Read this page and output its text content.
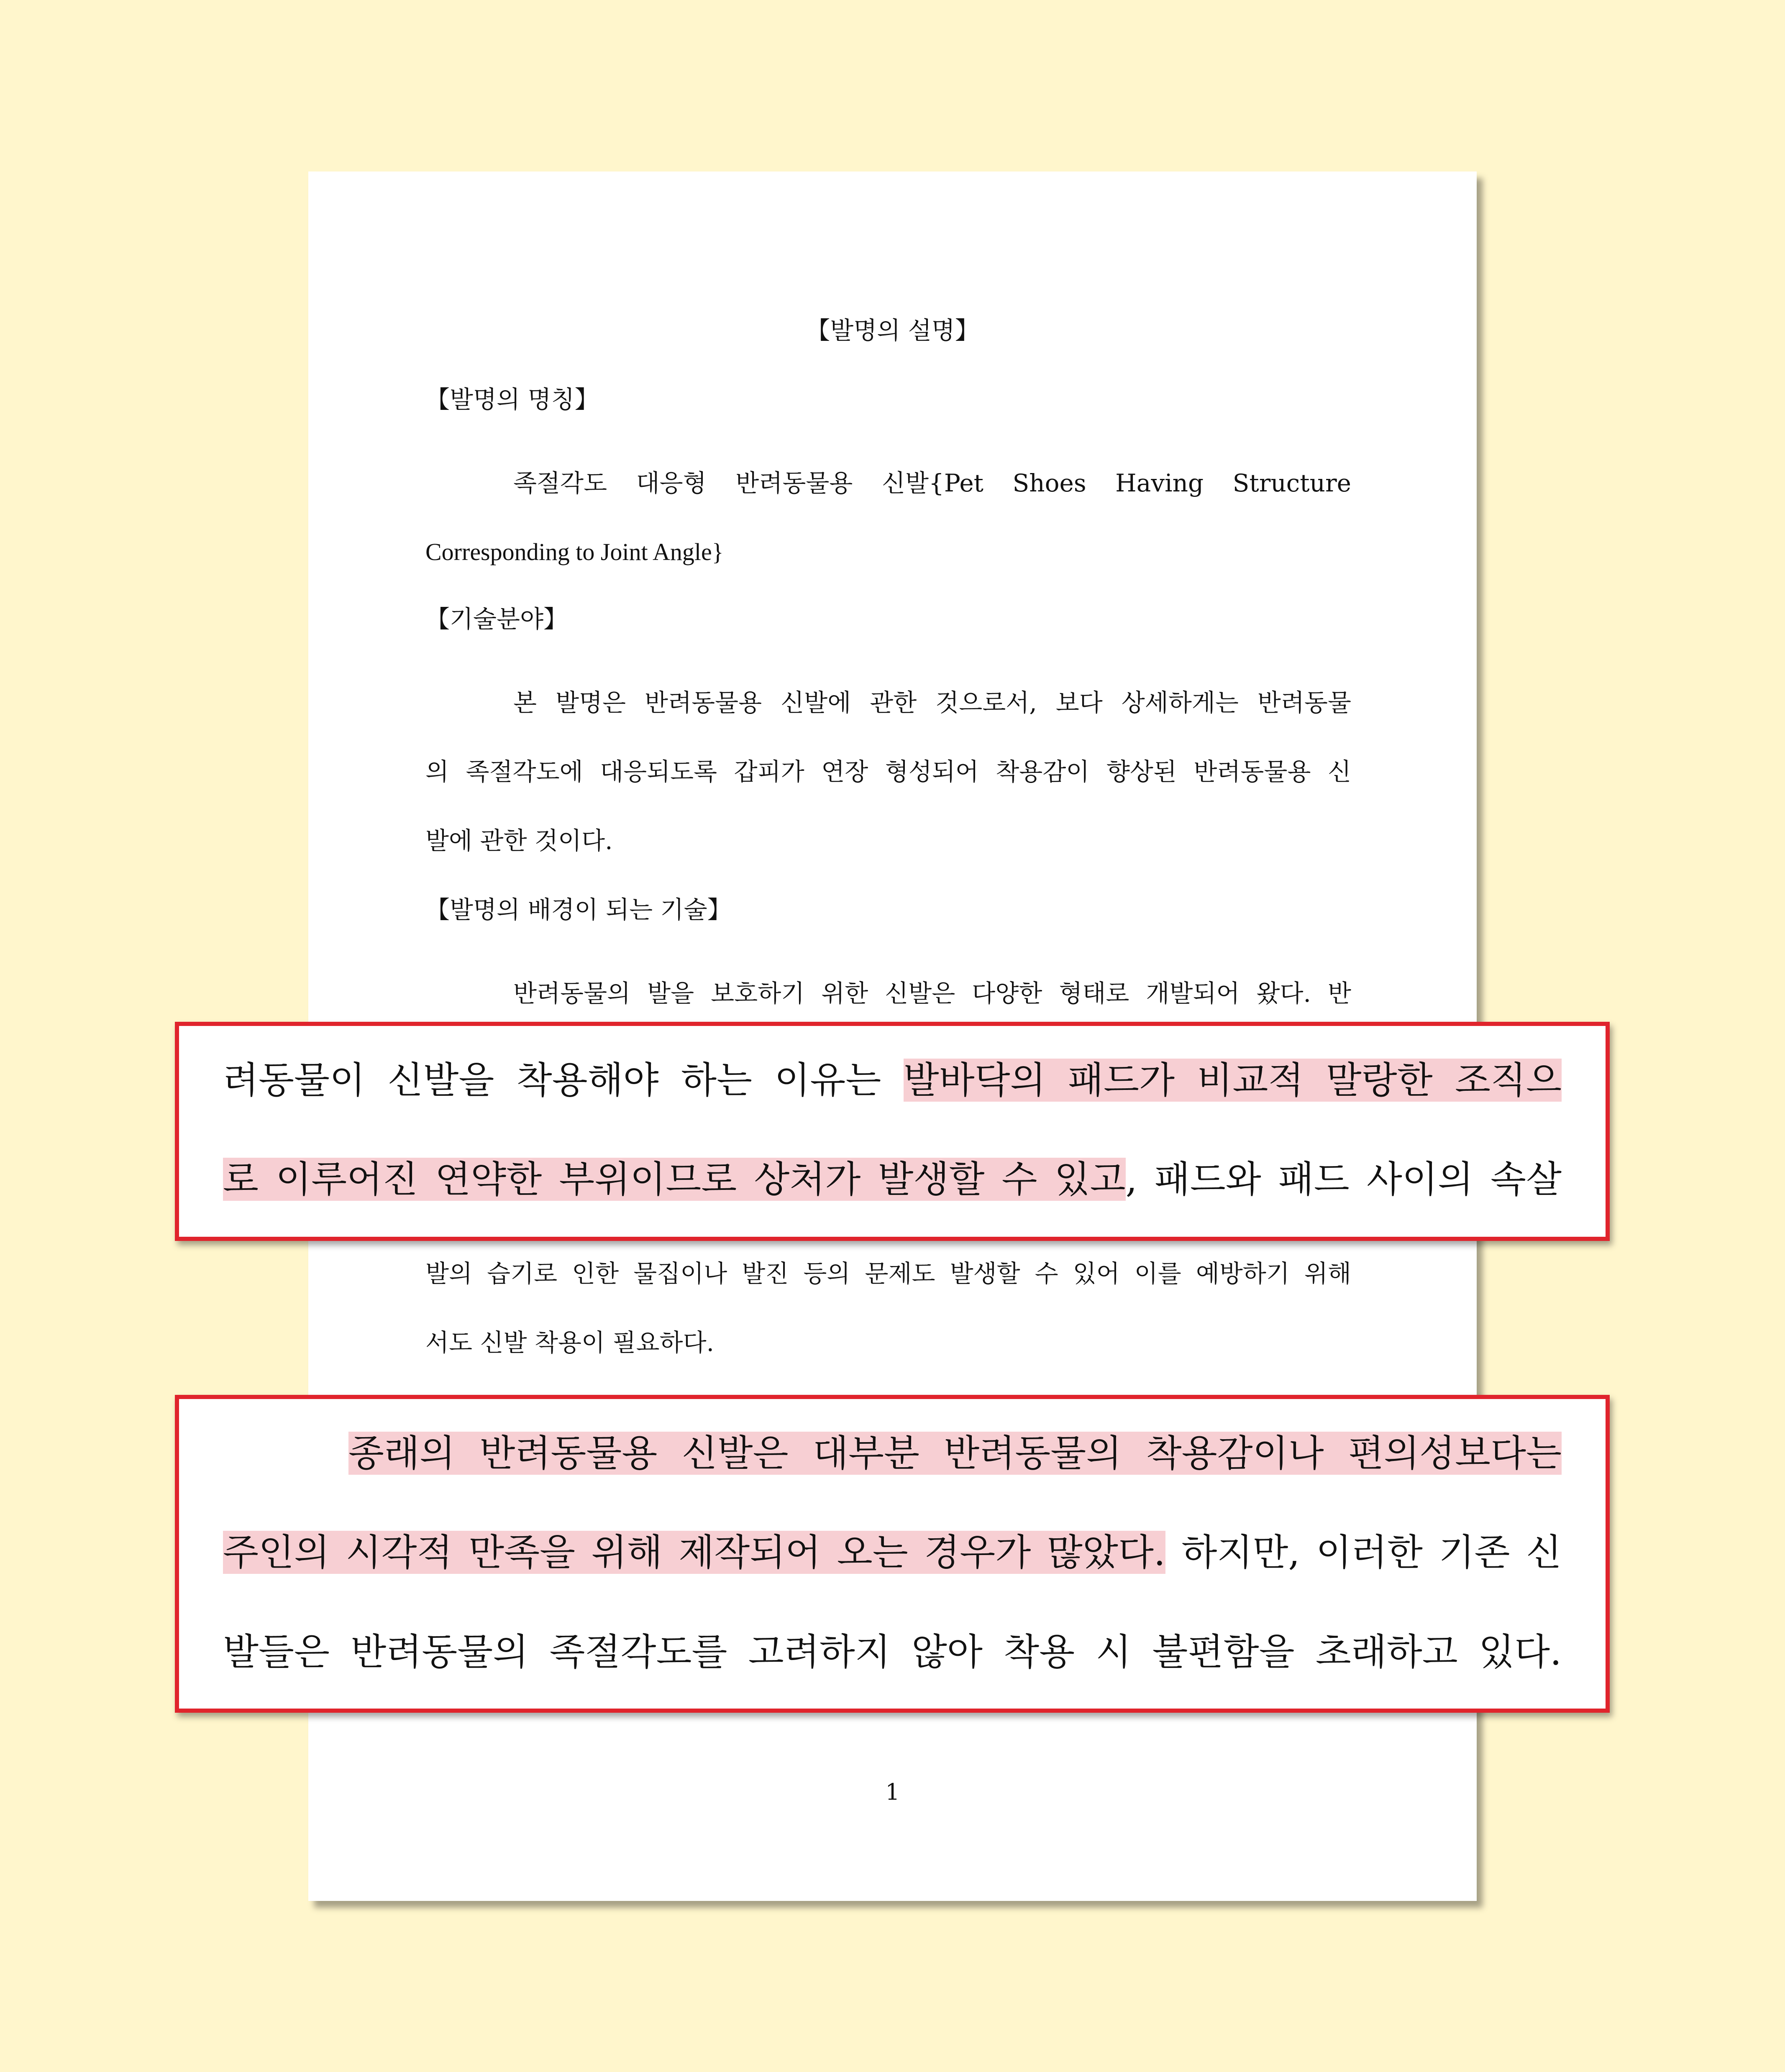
【발명의 설명】
【발명의 명칭】
족절각도 대응형 반려동물용 신발{Pet Shoes Having Structure
Corresponding to Joint Angle}
【기술분야】
본 발명은 반려동물용 신발에 관한 것으로서, 보다 상세하게는 반려동물
의 족절각도에 대응되도록 갑피가 연장 형성되어 착용감이 향상된 반려동물용 신
발에 관한 것이다.
【발명의 배경이 되는 기술】
반려동물의 발을 보호하기 위한 신발은 다양한 형태로 개발되어 왔다. 반
발의 습기로 인한 물집이나 발진 등의 문제도 발생할 수 있어 이를 예방하기 위해
서도 신발 착용이 필요하다.
1
려동물이 신발을 착용해야 하는 이유는 발바닥의 패드가 비교적 말랑한 조직으
로 이루어진 연약한 부위이므로 상처가 발생할 수 있고, 패드와 패드 사이의 속살
종래의 반려동물용 신발은 대부분 반려동물의 착용감이나 편의성보다는
주인의 시각적 만족을 위해 제작되어 오는 경우가 많았다. 하지만, 이러한 기존 신
발들은 반려동물의 족절각도를 고려하지 않아 착용 시 불편함을 초래하고 있다.
